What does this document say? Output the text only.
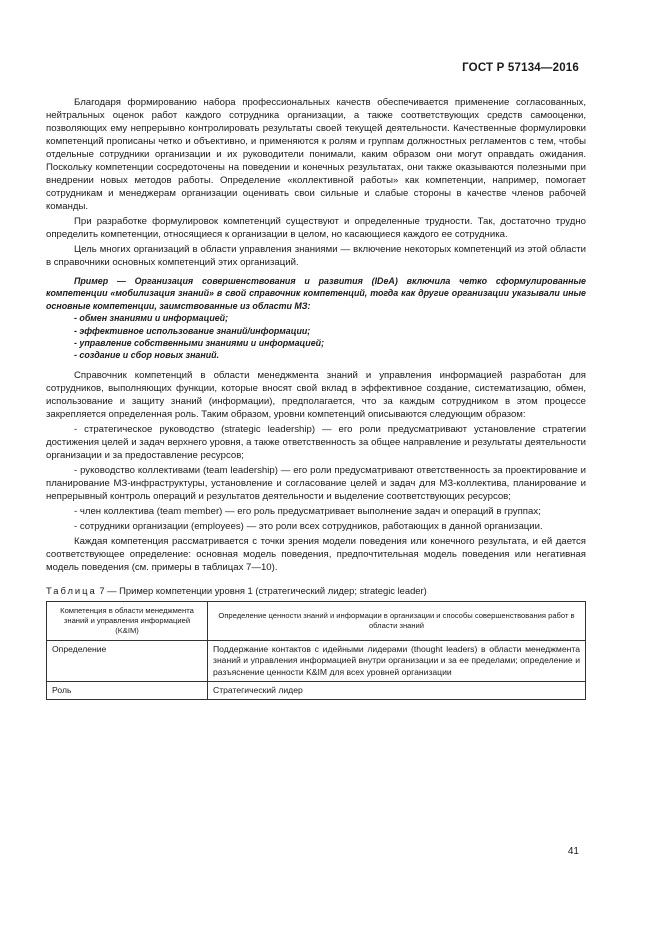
ГОСТ Р 57134—2016

Благодаря формированию набора профессиональных качеств обеспечивается применение согласованных, нейтральных оценок работ каждого сотрудника организации, а также соответствующих средств самооценки, позволяющих ему непрерывно контролировать результаты своей текущей деятельности. Качественные формулировки компетенций прописаны четко и объективно, и применяются к ролям и группам должностных регламентов с тем, чтобы отдельные сотрудники организации и их руководители понимали, каким образом они могут оправдать ожидания. Поскольку компетенции сосредоточены на поведении и конечных результатах, они также оказываются полезными при внедрении новых методов работы. Определение «коллективной работы» как компетенции, например, помогает сотрудникам и менеджерам организации оценивать свои сильные и слабые стороны в качестве членов рабочей команды.

При разработке формулировок компетенций существуют и определенные трудности. Так, достаточно трудно определить компетенции, относящиеся к организации в целом, но касающиеся каждого ее сотрудника.

Цель многих организаций в области управления знаниями — включение некоторых компетенций из этой области в справочники основных компетенций этих организаций.

Пример — Организация совершенствования и развития (IDeA) включила четко сформулированные компетенции «мобилизация знаний» в свой справочник компетенций, тогда как другие организации указывали иные основные компетенции, заимствованные из области МЗ:

- обмен знаниями и информацией;

- эффективное использование знаний/информации;

- управление собственными знаниями и информацией;

- создание и сбор новых знаний.

Справочник компетенций в области менеджмента знаний и управления информацией разработан для сотрудников, выполняющих функции, которые вносят свой вклад в эффективное создание, систематизацию, обмен, использование и защиту знаний (информации), предполагается, что за каждым сотрудником в этом процессе закрепляется определенная роль. Таким образом, уровни компетенций описываются следующим образом:

- стратегическое руководство (strategic leadership) — его роли предусматривают установление стратегии достижения целей и задач верхнего уровня, а также ответственность за общее направление и результаты деятельности организации и за предоставление ресурсов;

- руководство коллективами (team leadership) — его роли предусматривают ответственность за проектирование и планирование МЗ-инфраструктуры, установление и согласование целей и задач для МЗ-коллектива, планирование и непрерывный контроль операций и результатов деятельности и выделение соответствующих ресурсов;

- член коллектива (team member) — его роль предусматривает выполнение задач и операций в группах;

- сотрудники организации (employees) — это роли всех сотрудников, работающих в данной организации.

Каждая компетенция рассматривается с точки зрения модели поведения или конечного результата, и ей дается соответствующее определение: основная модель поведения, предпочтительная модель поведения или негативная модель поведения (см. примеры в таблицах 7—10).

Таблица 7 — Пример компетенции уровня 1 (стратегический лидер; strategic leader)
Компетенция в области менеджмента знаний и управления информацией (K&IM)	Определение ценности знаний и информации в организации и способы совершенствования работ в области знаний
Определение	Поддержание контактов с идейными лидерами (thought leaders) в области менеджмента знаний и управления информацией внутри организации и за ее пределами; определение и разъяснение ценности K&IM для всех уровней организации
Роль	Стратегический лидер
41
